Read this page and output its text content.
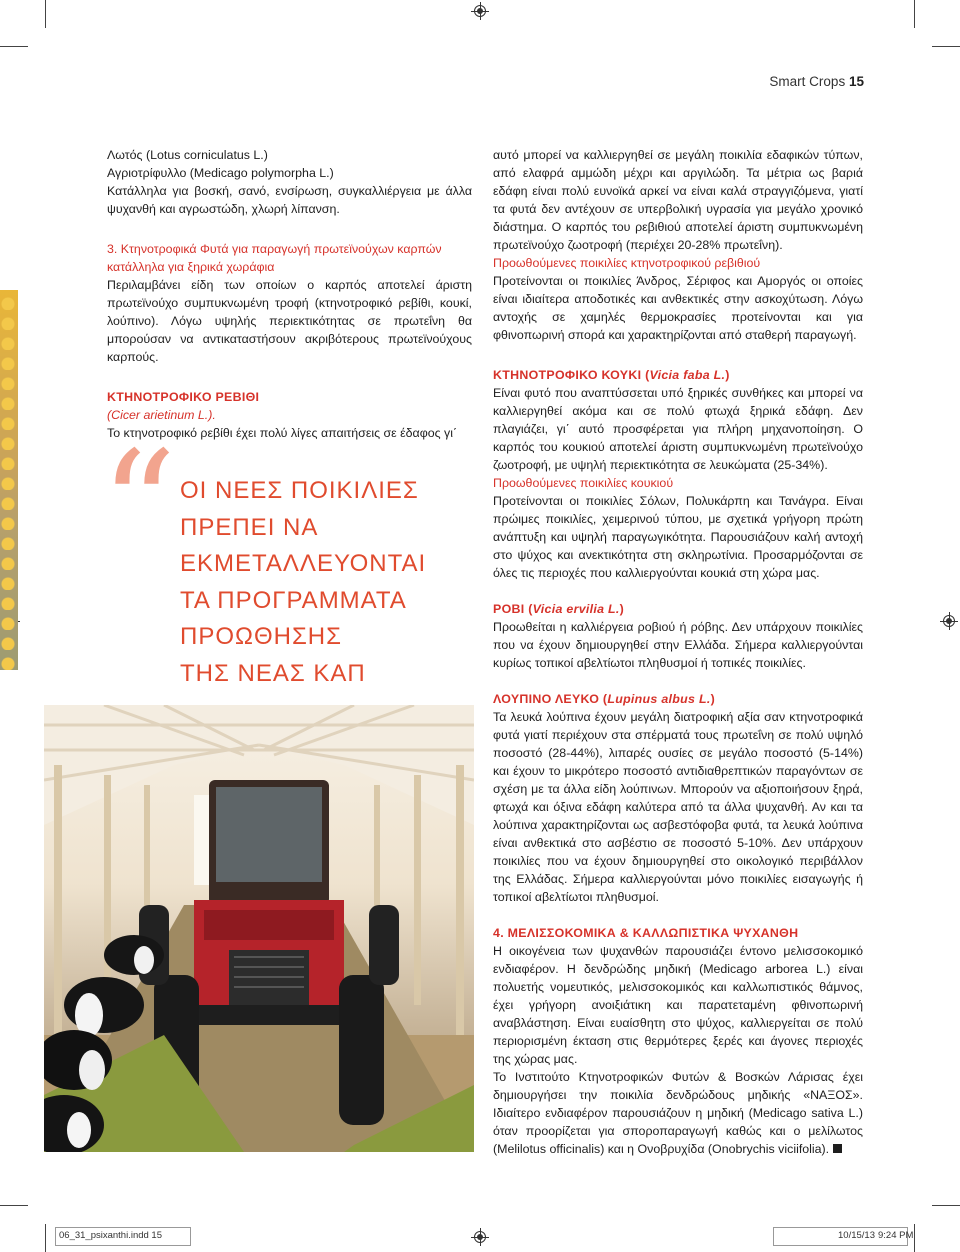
Smart Crops 15

Λωτός (Lotus corniculatus L.)

Αγριοτρίφυλλο (Medicago polymorpha L.)

Κατάλληλα για βοσκή, σανό, ενσίρωση, συγκαλλιέργεια με άλλα ψυχανθή και αγρωστώδη, χλωρή λίπανση.

3. Κτηνοτροφικά Φυτά για παραγωγή πρωτεϊνούχων καρπών κατάλληλα για ξηρικά χωράφια

Περιλαμβάνει είδη των οποίων ο καρπός αποτελεί άριστη πρωτεϊνούχο συμπυκνωμένη τροφή (κτηνοτροφικό ρεβίθι, κουκί, λούπινο). Λόγω υψηλής περιεκτικότητας σε πρωτεΐνη θα μπορούσαν να αντικαταστήσουν ακριβότερους πρωτεϊνούχους καρπούς.

ΚΤΗΝΟΤΡΟΦΙΚΟ ΡΕΒΙΘΙ

(Cicer arietinum L.).

Το κτηνοτροφικό ρεβίθι έχει πολύ λίγες απαιτήσεις σε έδαφος γι΄

“ ΟΙ ΝΕΕΣ ΠΟΙΚΙΛΙΕΣ
ΠΡΕΠΕΙ ΝΑ
ΕΚΜΕΤΑΛΛΕΥΟΝΤΑΙ
ΤΑ ΠΡΟΓΡΑΜΜΑΤΑ
ΠΡΟΩΘΗΣΗΣ
ΤΗΣ ΝΕΑΣ ΚΑΠ

αυτό μπορεί να καλλιεργηθεί σε μεγάλη ποικιλία εδαφικών τύπων, από ελαφρά αμμώδη μέχρι και αργιλώδη. Τα μέτρια ως βαριά εδάφη είναι πολύ ευνοϊκά αρκεί να είναι καλά στραγγιζόμενα, γιατί τα φυτά δεν αντέχουν σε υπερβολική υγρασία για μεγάλο χρονικό διάστημα. Ο καρπός του ρεβιθιού αποτελεί άριστη συμπυκνωμένη πρωτεϊνούχο ζωοτροφή (περιέχει 20-28% πρωτεΐνη).

Προωθούμενες ποικιλίες κτηνοτροφικού ρεβιθιού

Προτείνονται οι ποικιλίες Άνδρος, Σέριφος και Αμοργός οι οποίες είναι ιδιαίτερα αποδοτικές και ανθεκτικές στην ασκοχύτωση. Λόγω αντοχής σε χαμηλές θερμοκρασίες προτείνονται και για φθινοπωρινή σπορά και χαρακτηρίζονται από σταθερή παραγωγή.

ΚΤΗΝΟΤΡΟΦΙΚΟ ΚΟΥΚΙ (Vicia faba L.)

Είναι φυτό που αναπτύσσεται υπό ξηρικές συνθήκες και μπορεί να καλλιεργηθεί ακόμα και σε πολύ φτωχά ξηρικά εδάφη. Δεν πλαγιάζει, γι΄ αυτό προσφέρεται για πλήρη μηχανοποίηση. Ο καρπός του κουκιού αποτελεί άριστη συμπυκνωμένη πρωτεϊνούχο ζωοτροφή, με υψηλή περιεκτικότητα σε λευκώματα (25-34%).

Προωθούμενες ποικιλίες κουκιού

Προτείνονται οι ποικιλίες Σόλων, Πολυκάρπη και Τανάγρα. Είναι πρώιμες ποικιλίες, χειμερινού τύπου, με σχετικά γρήγορη πρώτη ανάπτυξη και υψηλή παραγωγικότητα. Παρουσιάζουν καλή αντοχή στο ψύχος και ανεκτικότητα στη σκληρωτίνια. Προσαρμόζονται σε όλες τις περιοχές που καλλιεργούνται κουκιά στη χώρα μας.

ΡΟΒΙ (Vicia ervilia L.)

Προωθείται η καλλιέργεια ροβιού ή ρόβης. Δεν υπάρχουν ποικιλίες που να έχουν δημιουργηθεί στην Ελλάδα. Σήμερα καλλιεργούνται κυρίως τοπικοί αβελτίωτοι πληθυσμοί ή τοπικές ποικιλίες.

ΛΟΥΠΙΝΟ ΛΕΥΚΟ (Lupinus albus L.)

Τα λευκά λούπινα έχουν μεγάλη διατροφική αξία σαν κτηνοτροφικά φυτά γιατί περιέχουν στα σπέρματά τους πρωτεΐνη σε πολύ υψηλό ποσοστό (28-44%), λιπαρές ουσίες σε μεγάλο ποσοστό (5-14%) και έχουν το μικρότερο ποσοστό αντιδιαθρεπτικών παραγόντων σε σχέση με τα άλλα είδη λούπινων. Μπορούν να αξιοποιήσουν ξηρά, φτωχά και όξινα εδάφη καλύτερα από τα άλλα ψυχανθή. Αν και τα λούπινα χαρακτηρίζονται ως ασβεστόφοβα φυτά, τα λευκά λούπινα είναι ανθεκτικά στο ασβέστιο σε ποσοστό 5-10%. Δεν υπάρχουν ποικιλίες που να έχουν δημιουργηθεί στο οικολογικό περιβάλλον της Ελλάδας. Σήμερα καλλιεργούνται μόνο ποικιλίες εισαγωγής ή τοπικοί αβελτίωτοι πληθυσμοί.

4. ΜΕΛΙΣΣΟΚΟΜΙΚΑ & ΚΑΛΛΩΠΙΣΤΙΚΑ ΨΥΧΑΝΘΗ

Η οικογένεια των ψυχανθών παρουσιάζει έντονο μελισσοκομικό ενδιαφέρον. Η δενδρώδης μηδική (Medicago arborea L.) είναι πολυετής νομευτικός, μελισσοκομικός και καλλωπιστικός θάμνος, έχει γρήγορη ανοιξιάτικη και παρατεταμένη φθινοπωρινή αναβλάστηση. Είναι ευαίσθητη στο ψύχος, καλλιεργείται σε πολύ περιορισμένη έκταση στις θερμότερες ξερές και άγονες περιοχές της χώρας μας.

Το Ινστιτούτο Κτηνοτροφικών Φυτών & Βοσκών Λάρισας έχει δημιουργήσει την ποικιλία δενδρώδους μηδικής «ΝΑΞΟΣ». Ιδιαίτερο ενδιαφέρον παρουσιάζουν η μηδική (Medicago sativa L.) όταν προορίζεται για σποροπαραγωγή καθώς και ο μελίλωτος (Melilotus officinalis) και η Ονοβρυχίδα (Onobrychis viciifolia).

06_31_psixanthi.indd 15	10/15/13 9:24 PM
